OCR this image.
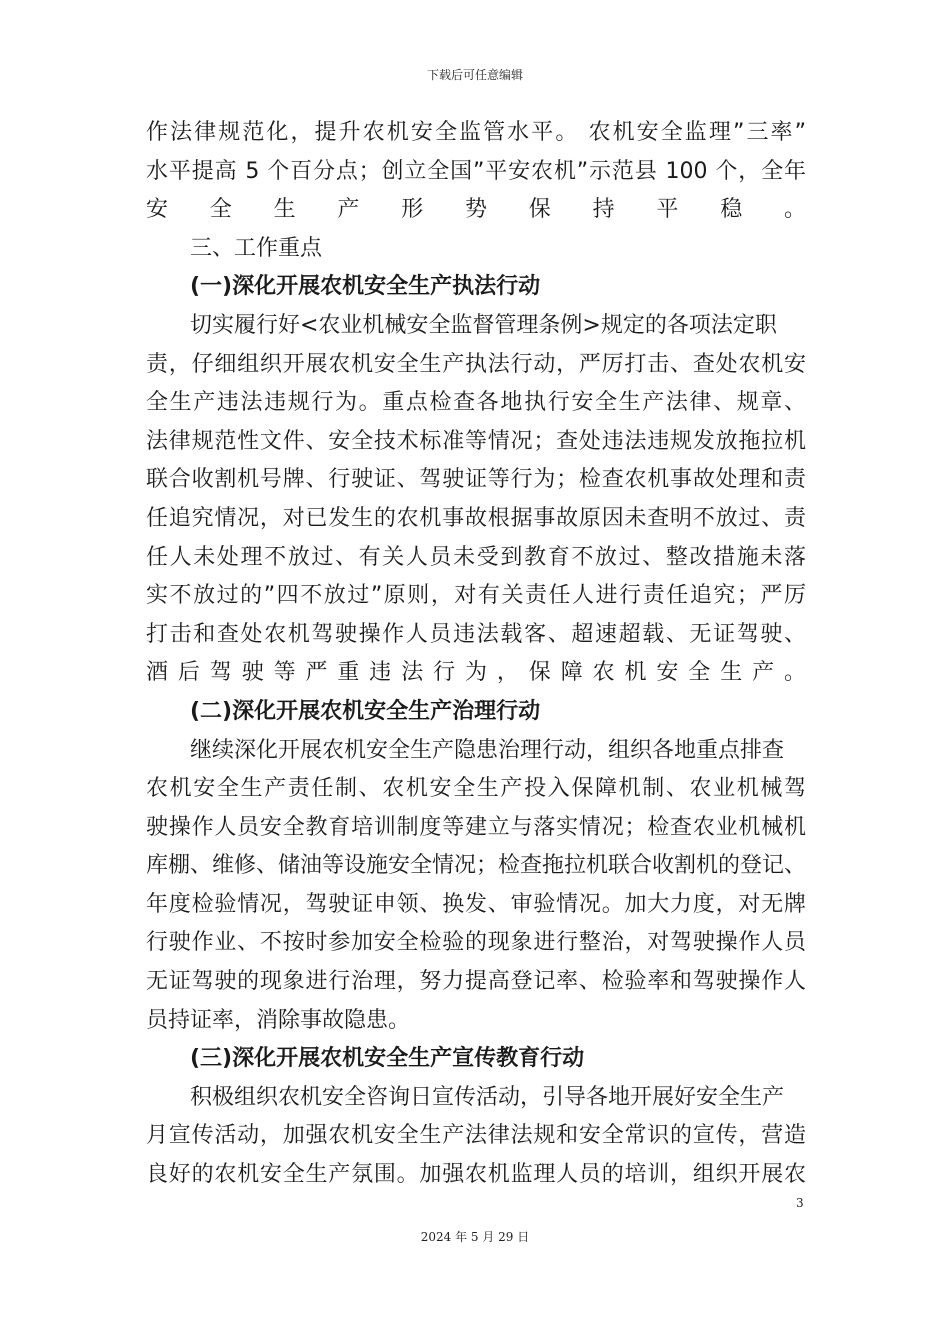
下载后可任意编辑
作法律规范化，提升农机安全监管水平。 农机安全监理”三率”
水平提高 5 个百分点；创立全国”平安农机”示范县 100 个，全年
安 全 生 产 形 势 保 持 平 稳 。
三、工作重点
(一)深化开展农机安全生产执法行动
切实履行好<农业机械安全监督管理条例>规定的各项法定职
责，仔细组织开展农机安全生产执法行动，严厉打击、查处农机安
全生产违法违规行为。重点检查各地执行安全生产法律、规章、
法律规范性文件、安全技术标准等情况；查处违法违规发放拖拉机
联合收割机号牌、行驶证、驾驶证等行为；检查农机事故处理和责
任追究情况，对已发生的农机事故根据事故原因未查明不放过、责
任人未处理不放过、有关人员未受到教育不放过、整改措施未落
实不放过的”四不放过”原则，对有关责任人进行责任追究；严厉
打击和查处农机驾驶操作人员违法载客、超速超载、无证驾驶、
酒 后 驾 驶 等 严 重 违 法 行 为 ， 保 障 农 机 安 全 生 产 。
(二)深化开展农机安全生产治理行动
继续深化开展农机安全生产隐患治理行动，组织各地重点排查
农机安全生产责任制、农机安全生产投入保障机制、农业机械驾
驶操作人员安全教育培训制度等建立与落实情况；检查农业机械机
库棚、维修、储油等设施安全情况；检查拖拉机联合收割机的登记、
年度检验情况，驾驶证申领、换发、审验情况。加大力度，对无牌
行驶作业、不按时参加安全检验的现象进行整治，对驾驶操作人员
无证驾驶的现象进行治理，努力提高登记率、检验率和驾驶操作人
员持证率，消除事故隐患。
(三)深化开展农机安全生产宣传教育行动
积极组织农机安全咨询日宣传活动，引导各地开展好安全生产
月宣传活动，加强农机安全生产法律法规和安全常识的宣传，营造
良好的农机安全生产氛围。加强农机监理人员的培训，组织开展农
3
2024 年 5 月 29 日
